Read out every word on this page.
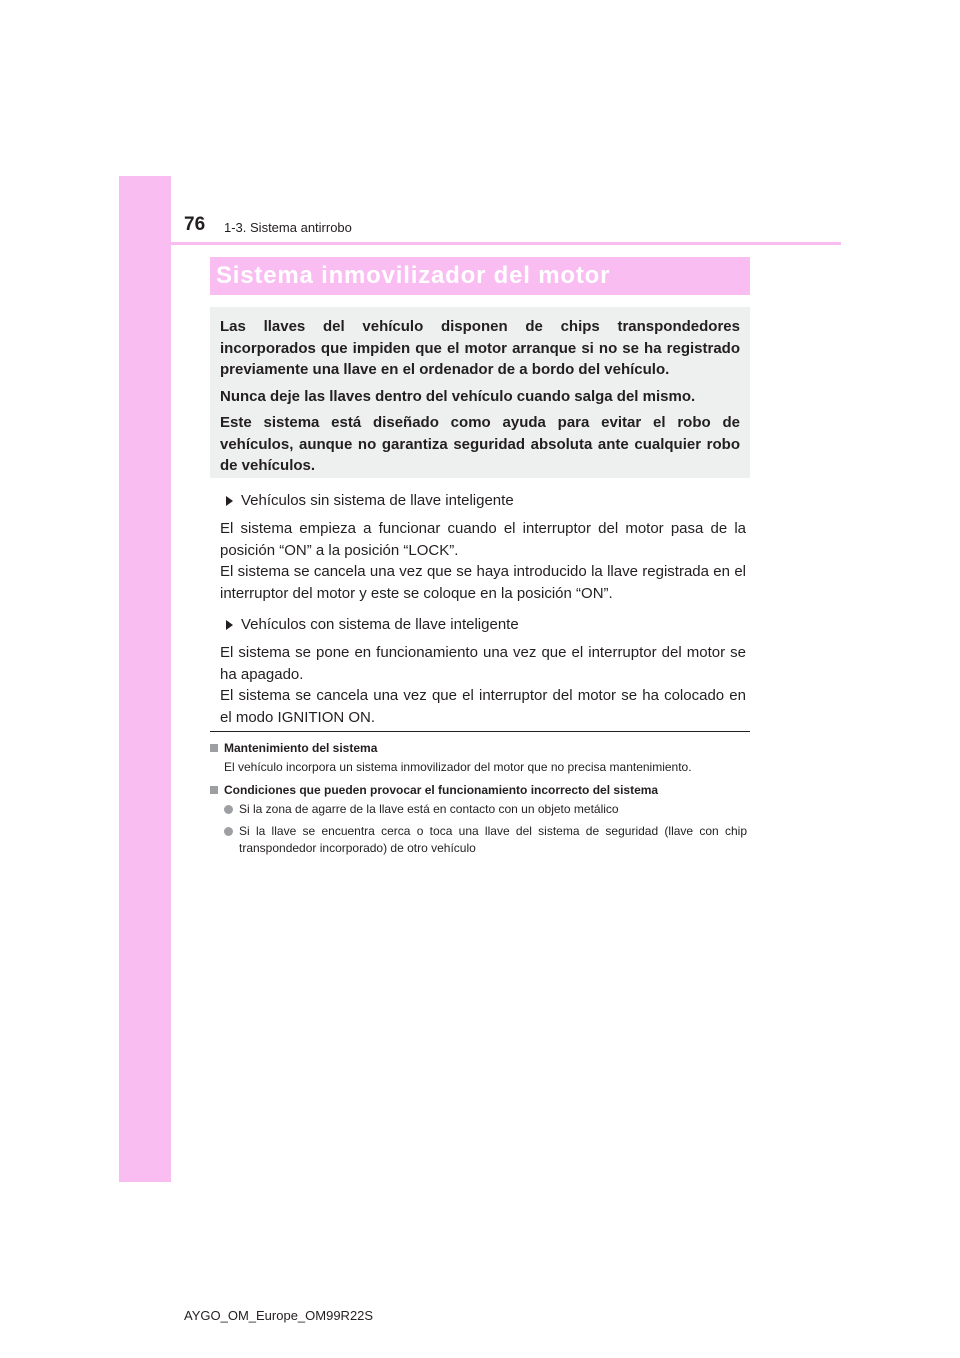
76 1-3. Sistema antirrobo
Sistema inmovilizador del motor

Las llaves del vehículo disponen de chips transpondedores incorporados que impiden que el motor arranque si no se ha registrado previamente una llave en el ordenador de a bordo del vehículo.

Nunca deje las llaves dentro del vehículo cuando salga del mismo.

Este sistema está diseñado como ayuda para evitar el robo de vehículos, aunque no garantiza seguridad absoluta ante cualquier robo de vehículos.

Vehículos sin sistema de llave inteligente
El sistema empieza a funcionar cuando el interruptor del motor pasa de la posición “ON” a la posición “LOCK”.
El sistema se cancela una vez que se haya introducido la llave registrada en el interruptor del motor y este se coloque en la posición “ON”.
Vehículos con sistema de llave inteligente
El sistema se pone en funcionamiento una vez que el interruptor del motor se ha apagado.
El sistema se cancela una vez que el interruptor del motor se ha colocado en el modo IGNITION ON.
Mantenimiento del sistema
El vehículo incorpora un sistema inmovilizador del motor que no precisa mantenimiento.
Condiciones que pueden provocar el funcionamiento incorrecto del sistema
Si la zona de agarre de la llave está en contacto con un objeto metálico
Si la llave se encuentra cerca o toca una llave del sistema de seguridad (llave con chip transpondedor incorporado) de otro vehículo
AYGO_OM_Europe_OM99R22S
